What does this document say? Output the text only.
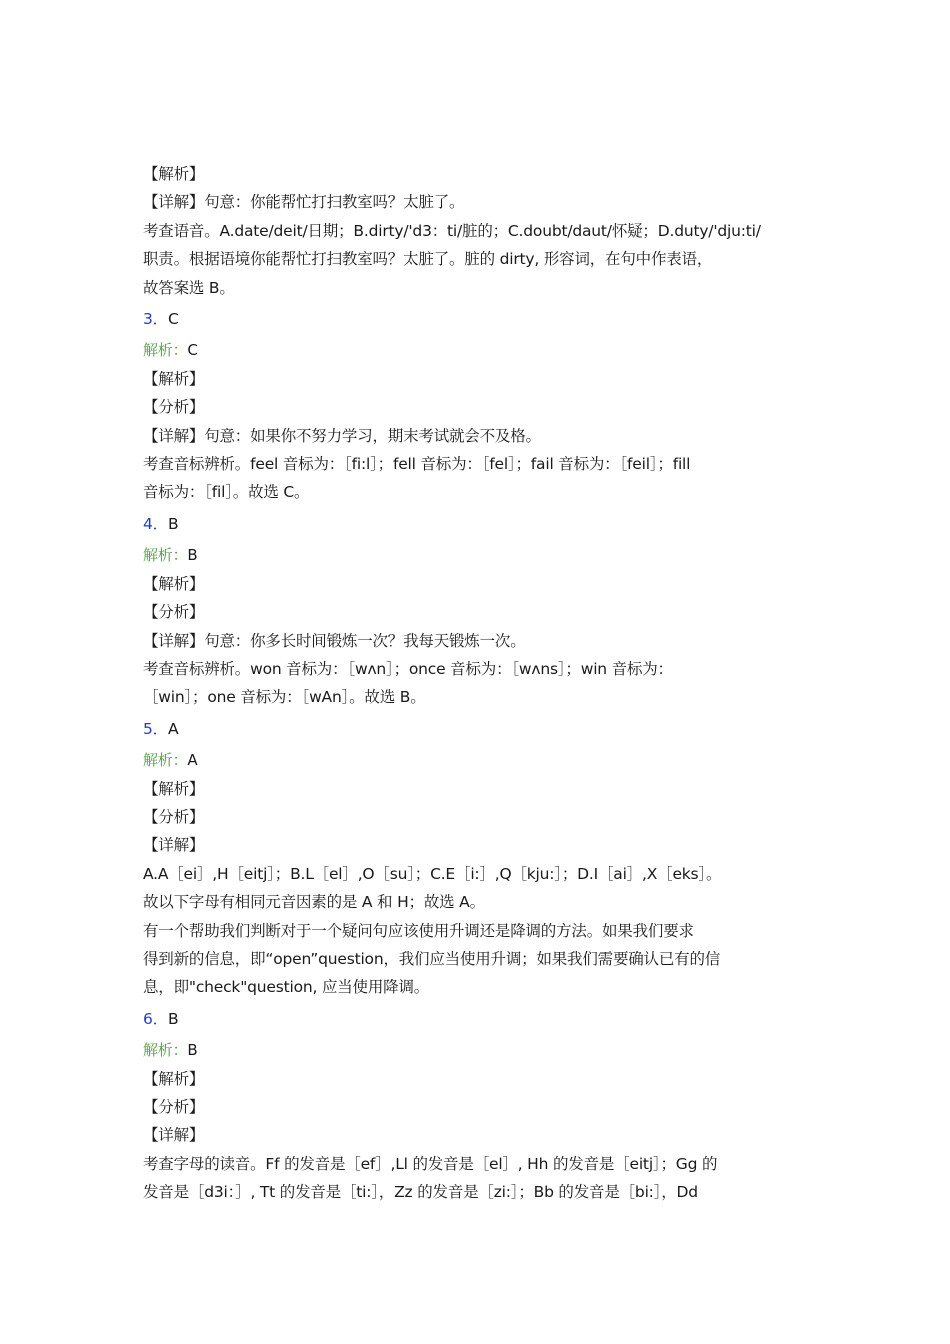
【解析】
【详解】句意：你能帮忙打扫教室吗？太脏了。
考查语音。A.date/deit/日期；B.dirty/'d3：ti/脏的；C.doubt/daut/怀疑；D.duty/'dju:ti/
职责。根据语境你能帮忙打扫教室吗？太脏了。脏的 dirty, 形容词，在句中作表语，
故答案选 B。
3．C
解析：C
【解析】
【分析】
【详解】句意：如果你不努力学习，期末考试就会不及格。
考查音标辨析。feel 音标为：［fi:l］；fell 音标为：［fel］；fail 音标为：［feil］；fill
音标为：［fil］。故选 C。
4．B
解析：B
【解析】
【分析】
【详解】句意：你多长时间锻炼一次？我每天锻炼一次。
考查音标辨析。won 音标为：［wʌn］；once 音标为：［wʌns］；win 音标为：
［win］；one 音标为：［wAn］。故选 B。
5．A
解析：A
【解析】
【分析】
【详解】
A.A［ei］,H［eitj］；B.L［el］,O［su］；C.E［i:］,Q［kju:］；D.I［ai］,X［eks］。
故以下字母有相同元音因素的是 A 和 H；故选 A。
有一个帮助我们判断对于一个疑问句应该使用升调还是降调的方法。如果我们要求
得到新的信息，即“open”question，我们应当使用升调；如果我们需要确认已有的信
息，即"check"question, 应当使用降调。
6．B
解析：B
【解析】
【分析】
【详解】
考查字母的读音。Ff 的发音是［ef］,Ll 的发音是［el］, Hh 的发音是［eitj］；Gg 的
发音是［d3i：］, Tt 的发音是［ti:］，Zz 的发音是［zi:］；Bb 的发音是［bi:］，Dd
